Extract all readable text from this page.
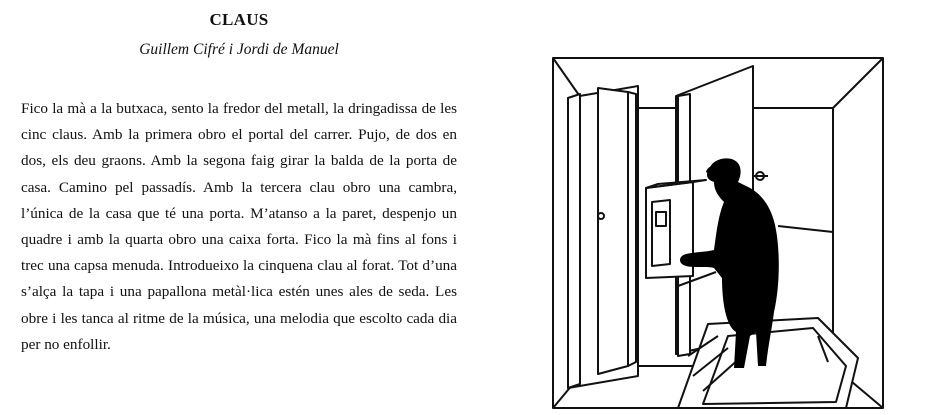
CLAUS
Guillem Cifré i Jordi de Manuel

Fico la mà a la butxaca, sento la fredor del metall, la dringadissa de les cinc claus. Amb la primera obro el portal del carrer. Pujo, de dos en dos, els deu graons. Amb la segona faig girar la balda de la porta de casa. Camino pel passadís. Amb la tercera clau obro una cambra, l’única de la casa que té una porta. M’atanso a la paret, despenjo un quadre i amb la quarta obro una caixa forta. Fico la mà fins al fons i trec una capsa menuda. Introdueixo la cinquena clau al forat. Tot d’una s’alça la tapa i una papallona metàl·lica estén unes ales de seda. Les obre i les tanca al ritme de la música, una melodia que escolto cada dia per no enfollir.
